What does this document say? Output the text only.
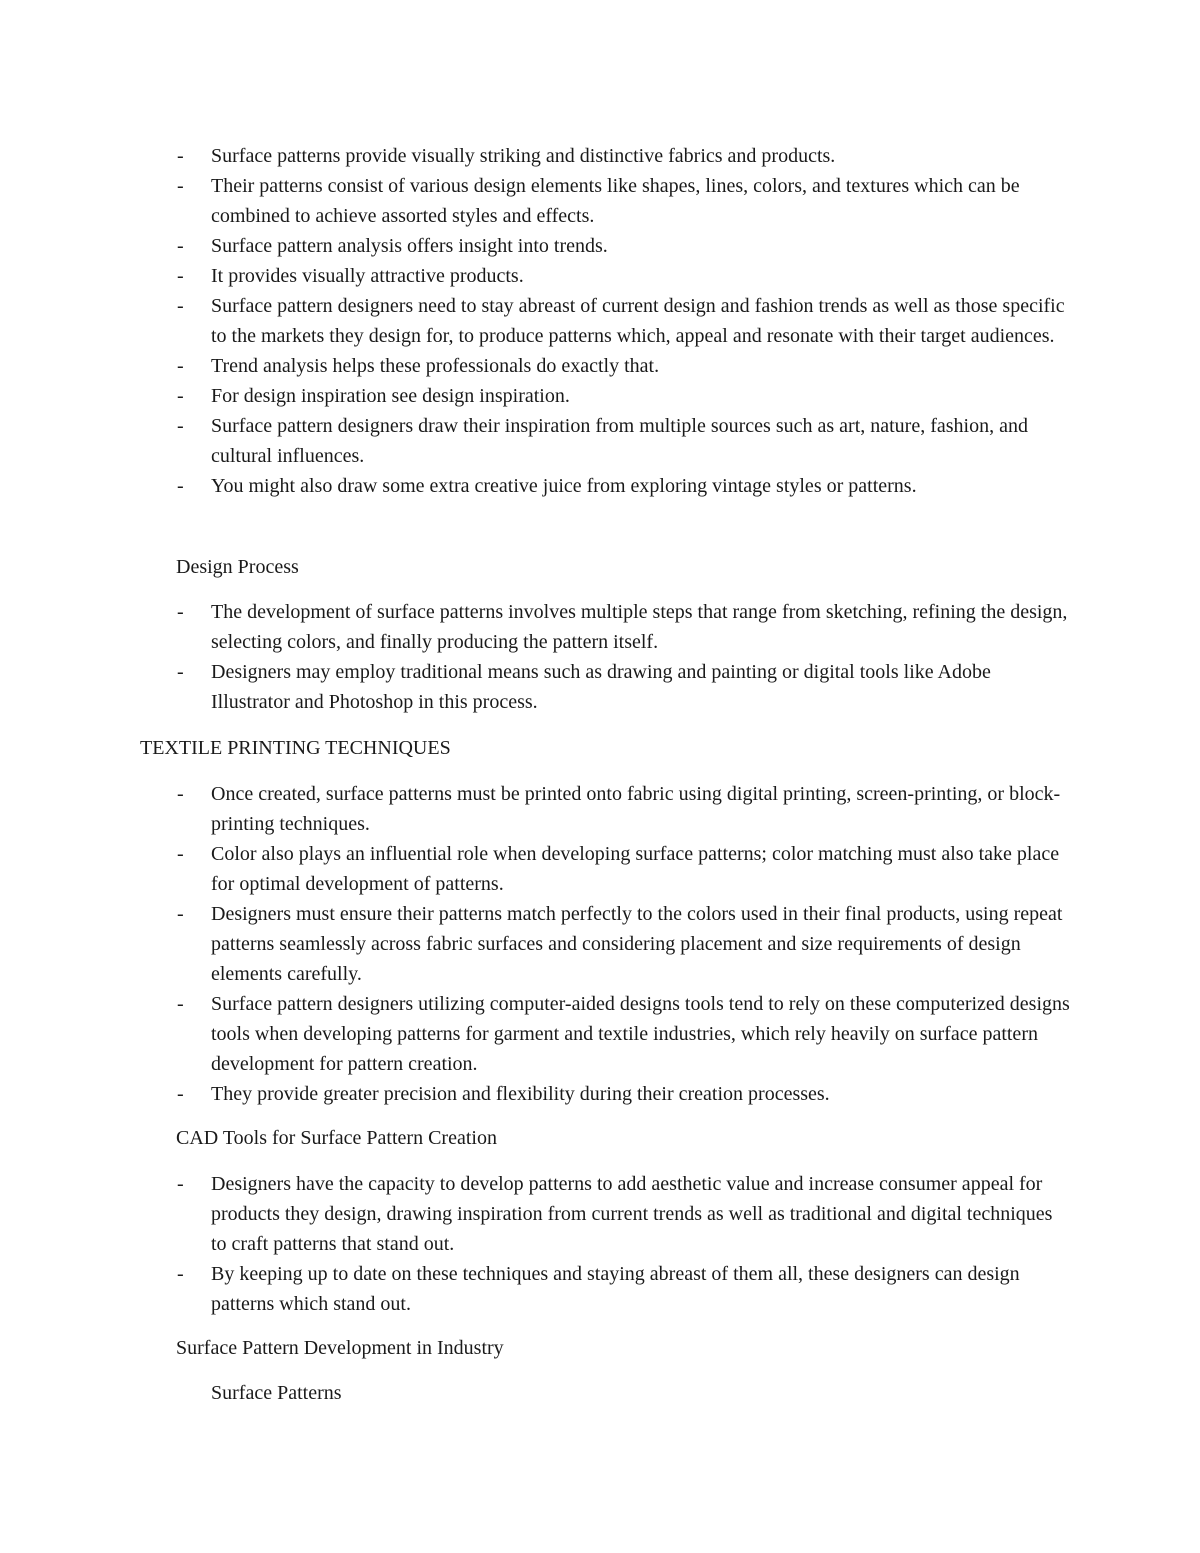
- Surface patterns provide visually striking and distinctive fabrics and products.
- Their patterns consist of various design elements like shapes, lines, colors, and textures which can be combined to achieve assorted styles and effects.
- Surface pattern analysis offers insight into trends.
- It provides visually attractive products.
- Surface pattern designers need to stay abreast of current design and fashion trends as well as those specific to the markets they design for, to produce patterns which, appeal and resonate with their target audiences.
- Trend analysis helps these professionals do exactly that.
- For design inspiration see design inspiration.
- Surface pattern designers draw their inspiration from multiple sources such as art, nature, fashion, and cultural influences.
- You might also draw some extra creative juice from exploring vintage styles or patterns.
Design Process
- The development of surface patterns involves multiple steps that range from sketching, refining the design, selecting colors, and finally producing the pattern itself.
- Designers may employ traditional means such as drawing and painting or digital tools like Adobe Illustrator and Photoshop in this process.
TEXTILE PRINTING TECHNIQUES
- Once created, surface patterns must be printed onto fabric using digital printing, screen-printing, or block-printing techniques.
- Color also plays an influential role when developing surface patterns; color matching must also take place for optimal development of patterns.
- Designers must ensure their patterns match perfectly to the colors used in their final products, using repeat patterns seamlessly across fabric surfaces and considering placement and size requirements of design elements carefully.
- Surface pattern designers utilizing computer-aided designs tools tend to rely on these computerized designs tools when developing patterns for garment and textile industries, which rely heavily on surface pattern development for pattern creation.
- They provide greater precision and flexibility during their creation processes.
CAD Tools for Surface Pattern Creation
- Designers have the capacity to develop patterns to add aesthetic value and increase consumer appeal for products they design, drawing inspiration from current trends as well as traditional and digital techniques to craft patterns that stand out.
- By keeping up to date on these techniques and staying abreast of them all, these designers can design patterns which stand out.
Surface Pattern Development in Industry
Surface Patterns
